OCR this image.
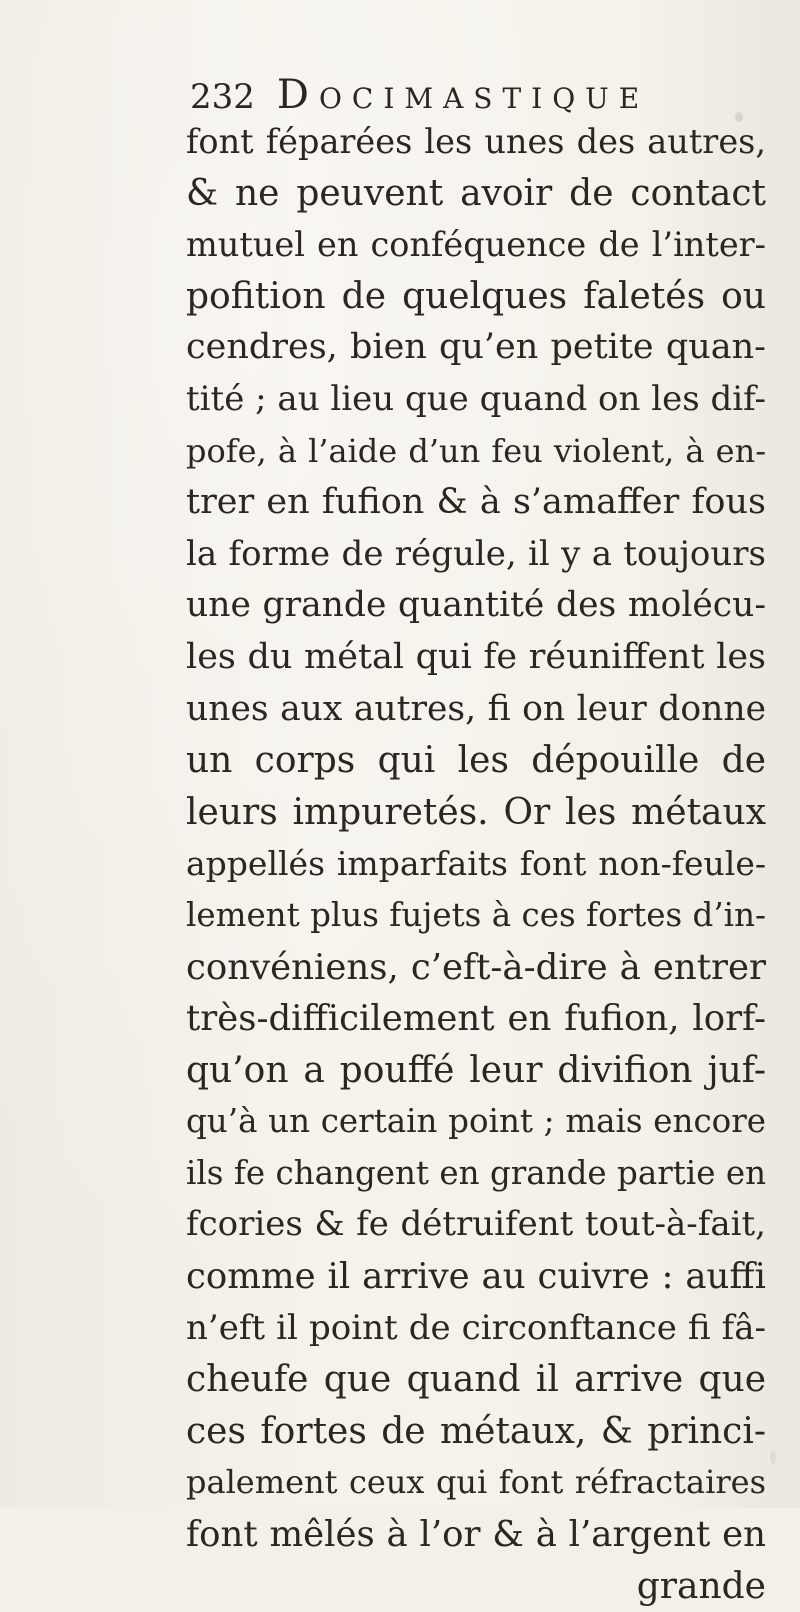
232 Docimastique
font féparées les unes des autres,
& ne peuvent avoir de contact
mutuel en conféquence de l’inter-
pofition de quelques faletés ou
cendres, bien qu’en petite quan-
tité ; au lieu que quand on les dif-
pofe, à l’aide d’un feu violent, à en-
trer en fufion & à s’amaffer fous
la forme de régule, il y a toujours
une grande quantité des molécu-
les du métal qui fe réuniffent les
unes aux autres, fi on leur donne
un corps qui les dépouille de
leurs impuretés. Or les métaux
appellés imparfaits font non-feule-
lement plus fujets à ces fortes d’in-
convéniens, c’eft-à-dire à entrer
très-difficilement en fufion, lorf-
qu’on a pouffé leur divifion juf-
qu’à un certain point ; mais encore
ils fe changent en grande partie en
fcories & fe détruifent tout-à-fait,
comme il arrive au cuivre : auffi
n’eft il point de circonftance fi fâ-
cheufe que quand il arrive que
ces fortes de métaux, & princi-
palement ceux qui font réfractaires
font mêlés à l’or & à l’argent en
grande
